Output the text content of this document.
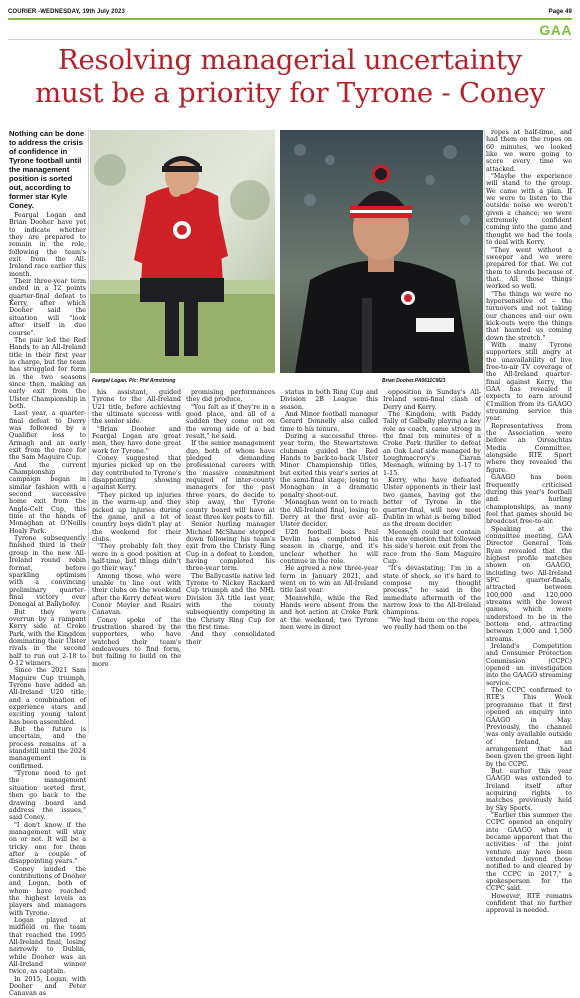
COURIER -WEDNESDAY, 19th July 2023	Page 49
GAA
Resolving managerial uncertainty
must be a priority for Tyrone - Coney

Nothing can be done to address the crisis of confidence in Tyrone football until the management position is sorted out, according to former star Kyle Coney.

Feargal Logan and Brian Dooher have yet to indicate whether they are prepared to remain in the role, following the team's exit from the All-Ireland race earlier this month.

Their three-year term ended in a 12 points quarter-final defeat to Kerry, after which Dooher said the situation will "look after itself in due course".

The pair led the Red Hands to an All-Ireland title in their first year in charge, but the team has struggled for form in the two seasons since then, making an early exit from the Ulster Championship in both.

Last year, a quarter-final defeat to Derry was followed by a Qualifier loss to Armagh and an early exit from the race for the Sam Maguire Cup.

And the current Championship campaign began in similar fashion with a second successive home exit from the Anglo-Celt Cup, this time at the hands of Monaghan at O'Neills Healy Park.

Tyrone subsequently finished third in their group in the new All-Ireland round robin format, before sparkling optimism with a convincing preliminary quarter-final victory over Donegal at Ballybofey.

But they were overrun by a rampant Kerry side at Croke Park, with the Kingdom dominating their Ulster rivals in the second half to run out 2-18 to 0-12 winners.

Since the 2021 Sam Maguire Cup triumph, Tyrone have added an All-Ireland U20 title, and a combination of experience stars and exciting young talent has been assembled.

But the future is uncertain, and the process remains at a standstill until the 2024 management is confirmed.

"Tyrone need to get the management situation sorted first, then go back to the drawing board and address the issues," said Coney.

"I don't know if the management will stay on or not. It will be a tricky one for them after a couple of disappointing years."

Coney lauded the contributions of Dooher and Logan, both of whom have reached the highest levels as players and managers with Tyrone.

Logan played at midfield on the team that reached the 1995 All-Ireland final, losing narrowly to Dublin, while Dooher was an All-Ireland winner twice, as captain.

In 2015, Logan, with Dooher and Peter Canavan as

Feargal Logan. Pic: Phil Armstrong	Brian Dooher.PA0611CM23

his assistant, guided Tyrone to the All-Ireland U21 title, before achieving the ultimate success with the senior side.

"Brian Dooher and Feargal Logan are great men, they have done great work for Tyrone."

Coney suggested that injuries picked up on the day contributed to Tyrone's disappointing showing against Kerry.

"They picked up injuries in the warm-up and they picked up injuries during the game, and a lot of country boys didn't play at the weekend for their clubs.

"They probably felt they were in a good position at half-time, but things didn't go their way."

Among those who were unable to line out with their clubs on the weekend after the Kerry defeat were Conor Meyler and Ruairi Canavan.

Coney spoke of the frustration shared by the supporters, who have watched their team's endeavours to find form, but failing to build on the more

promising performances they did produce.

"You felt as if they're in a good place, and all of a sudden they come out on the wrong side of a bad result," he said.

If the senior management duo, both of whom have pledged demanding professional careers with the massive commitment required of inter-county managers for the past three years, do decide to step away, the Tyrone county board will have at least three key posts to fill.

Senior hurling manager Michael McShane stepped down following his team's exit from the Christy Ring Cup in a defeat to London, having completed his three-year term.

The Ballycastle native led Tyrone to Nickey Rackard Cup triumph and the NHL Division 3A title last year, with the county subsequently competing in the Christy Ring Cup for the first time.

And they consolidated their

status in both Ring Cup and Division 2B League this season.

And Minor football manager Gerard Donnelly also called time to his tenure.

During a successful three-year term, the Stewartstown clubman guided the Red Hands to back-to-back Ulster Minor Championship titles, but exited this year's series at the semi-final stage, losing to Monaghan in a dramatic penalty shoot-out.

Monaghan went on to reach the All-Ireland final, losing to Derry at the first ever all-Ulster decider.

U20 football boss Paul Devlin has completed his season in charge, and it's unclear whether he will continue in the role.

He agreed a new three-year term in January 2021, and went on to win an All-Ireland title last year.

Meanwhile, while the Red Hands were absent from the and hot action at Croke Park at the weekend, two Tyrone men were in direct

opposition in Sunday's All-Ireland semi-final clash of Derry and Kerry.

The Kingdom, with Paddy Tally of Galbally playing a key role as coach, came strong in the final ten minutes of a Croke Park thriller to defeat an Oak Leaf side managed by Loughmacrory's Ciaran Meenagh, winning by 1-17 to 1-15.

Kerry, who have defeated Ulster opponents in their last two games, having got the better of Tyrone in the quarter-final, will now meet Dublin in what is being billed as the dream decider.

Meenagh could not contain the raw emotion that followed his side's heroic exit from the race from the Sam Maguire Cup.

"It's devastating; I'm in a state of shock, so it's hard to compose my thought process," he said in the immediate aftermath of the narrow loss to the All-Ireland champions.

"We had them on the ropes, we really had them on the

ropes at half-time, and had them on the ropes on 60 minutes, we looked like we were going to score every time we attacked.

"Maybe the experience will stand to the group. We came with a plan. If we were to listen to the outside noise we weren't given a chance; we were extremely confident coming into the game and thought we had the tools to deal with Kerry.

"They went without a sweeper and we were prepared for that. We cut them to shreds because of that. All those things worked so well.

"The things we were no hypersensitive of – the turnovers and not taking our chances and our own kick-outs were the things that haunted us coming down the stretch."

With many Tyrone supporters still angry at the unavailability of live free-to-air TV coverage of the All-Ireland quarter-final against Kerry, the GAA has revealed it expects to earn around €1million from its GAAGO streaming service this year.

Representatives from the Association were before an Oireachtas Media Committee, alongside RTÉ Sport where they revealed the figure.

GAAGO has been frequently criticised during this year's football and hurling championships, as many feel that games should be broadcast free-to-air.

Speaking at the committee meeting, GAA Director General Tom Ryan revealed that the highest profile matches shown on GAAGO, including two All-Ireland SFC quarter-finals, attracted between 100,000 and 120,000 streams with the lowest games, which were understood to be in the bottom end, attracting between 1,000 and 1,500 streams.

Ireland's Competition and Consumer Protection Commission (CCPC) opened an investigation into the GAAGO streaming service.

The CCPC confirmed to RTÉ's This Week programme that it first opened an enquiry into GAAGO in May. Previously, the channel was only available outside of Ireland, an arrangement that had been given the green light by the CCPC.

But earlier this year GAAGO was extended to Ireland itself after acquiring rights to matches previously held by Sky Sports.

"Earlier this summer the CCPC opened an enquiry into GAAGO when it became apparent that the activities of the joint venture may have been extended beyond those notified to and cleared by the CCPC in 2017," a spokesperson for the CCPC said.

However, RTÉ remains confident that no further approval is needed.
